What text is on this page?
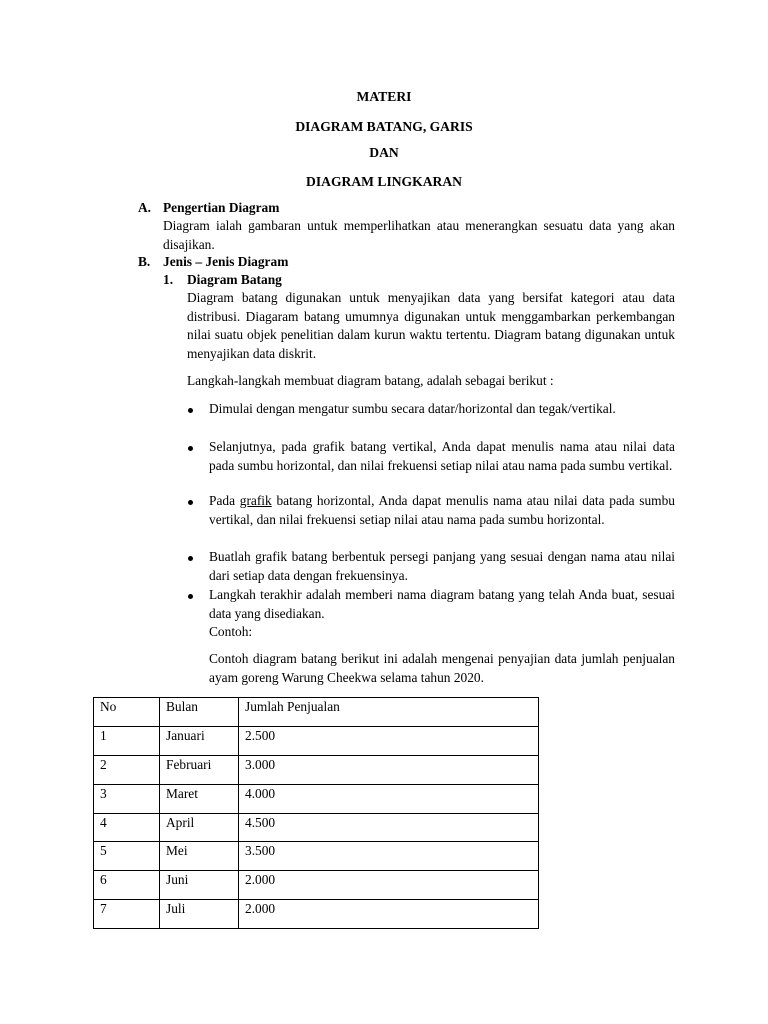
MATERI
DIAGRAM BATANG, GARIS
DAN
DIAGRAM LINGKARAN
A. Pengertian Diagram
Diagram ialah gambaran untuk memperlihatkan atau menerangkan sesuatu data yang akan disajikan.
B. Jenis – Jenis Diagram
1. Diagram Batang
Diagram batang digunakan untuk menyajikan data yang bersifat kategori atau data distribusi. Diagaram batang umumnya digunakan untuk menggambarkan perkembangan nilai suatu objek penelitian dalam kurun waktu tertentu. Diagram batang digunakan untuk menyajikan data diskrit.
Langkah-langkah membuat diagram batang, adalah sebagai berikut :
Dimulai dengan mengatur sumbu secara datar/horizontal dan tegak/vertikal.
Selanjutnya, pada grafik batang vertikal, Anda dapat menulis nama atau nilai data pada sumbu horizontal, dan nilai frekuensi setiap nilai atau nama pada sumbu vertikal.
Pada grafik batang horizontal, Anda dapat menulis nama atau nilai data pada sumbu vertikal, dan nilai frekuensi setiap nilai atau nama pada sumbu horizontal.
Buatlah grafik batang berbentuk persegi panjang yang sesuai dengan nama atau nilai dari setiap data dengan frekuensinya.
Langkah terakhir adalah memberi nama diagram batang yang telah Anda buat, sesuai data yang disediakan.
Contoh:
Contoh diagram batang berikut ini adalah mengenai penyajian data jumlah penjualan ayam goreng Warung Cheekwa selama tahun 2020.
No	Bulan	Jumlah Penjualan
1	Januari	2.500
2	Februari	3.000
3	Maret	4.000
4	April	4.500
5	Mei	3.500
6	Juni	2.000
7	Juli	2.000
